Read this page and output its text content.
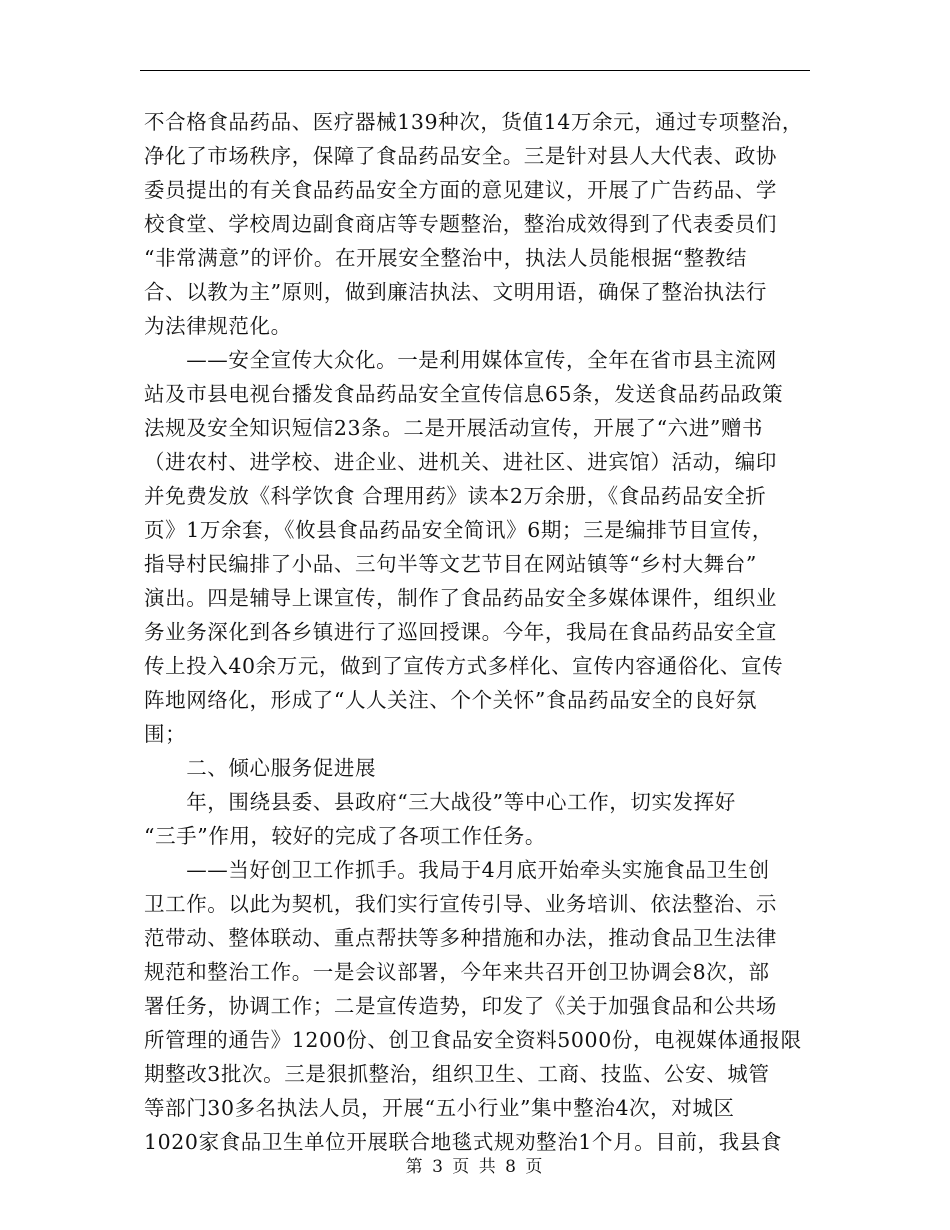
不合格食品药品、医疗器械139种次，货值14万余元，通过专项整治，
净化了市场秩序，保障了食品药品安全。三是针对县人大代表、政协
委员提出的有关食品药品安全方面的意见建议，开展了广告药品、学
校食堂、学校周边副食商店等专题整治，整治成效得到了代表委员们
“非常满意”的评价。在开展安全整治中，执法人员能根据“整教结
合、以教为主”原则，做到廉洁执法、文明用语，确保了整治执法行
为法律规范化。
　　——安全宣传大众化。一是利用媒体宣传，全年在省市县主流网
站及市县电视台播发食品药品安全宣传信息65条，发送食品药品政策
法规及安全知识短信23条。二是开展活动宣传，开展了“六进”赠书
（进农村、进学校、进企业、进机关、进社区、进宾馆）活动，编印
并免费发放《科学饮食 合理用药》读本2万余册，《食品药品安全折
页》1万余套，《攸县食品药品安全简讯》6期；三是编排节目宣传，
指导村民编排了小品、三句半等文艺节目在网站镇等“乡村大舞台”
演出。四是辅导上课宣传，制作了食品药品安全多媒体课件，组织业
务业务深化到各乡镇进行了巡回授课。今年，我局在食品药品安全宣
传上投入40余万元，做到了宣传方式多样化、宣传内容通俗化、宣传
阵地网络化，形成了“人人关注、个个关怀”食品药品安全的良好氛
围；
　　二、倾心服务促进展
　　年，围绕县委、县政府“三大战役”等中心工作，切实发挥好
“三手”作用，较好的完成了各项工作任务。
　　——当好创卫工作抓手。我局于4月底开始牵头实施食品卫生创
卫工作。以此为契机，我们实行宣传引导、业务培训、依法整治、示
范带动、整体联动、重点帮扶等多种措施和办法，推动食品卫生法律
规范和整治工作。一是会议部署，今年来共召开创卫协调会8次，部
署任务，协调工作；二是宣传造势，印发了《关于加强食品和公共场
所管理的通告》1200份、创卫食品安全资料5000份，电视媒体通报限
期整改3批次。三是狠抓整治，组织卫生、工商、技监、公安、城管
等部门30多名执法人员，开展“五小行业”集中整治4次，对城区
1020家食品卫生单位开展联合地毯式规劝整治1个月。目前，我县食
第 3 页 共 8 页
